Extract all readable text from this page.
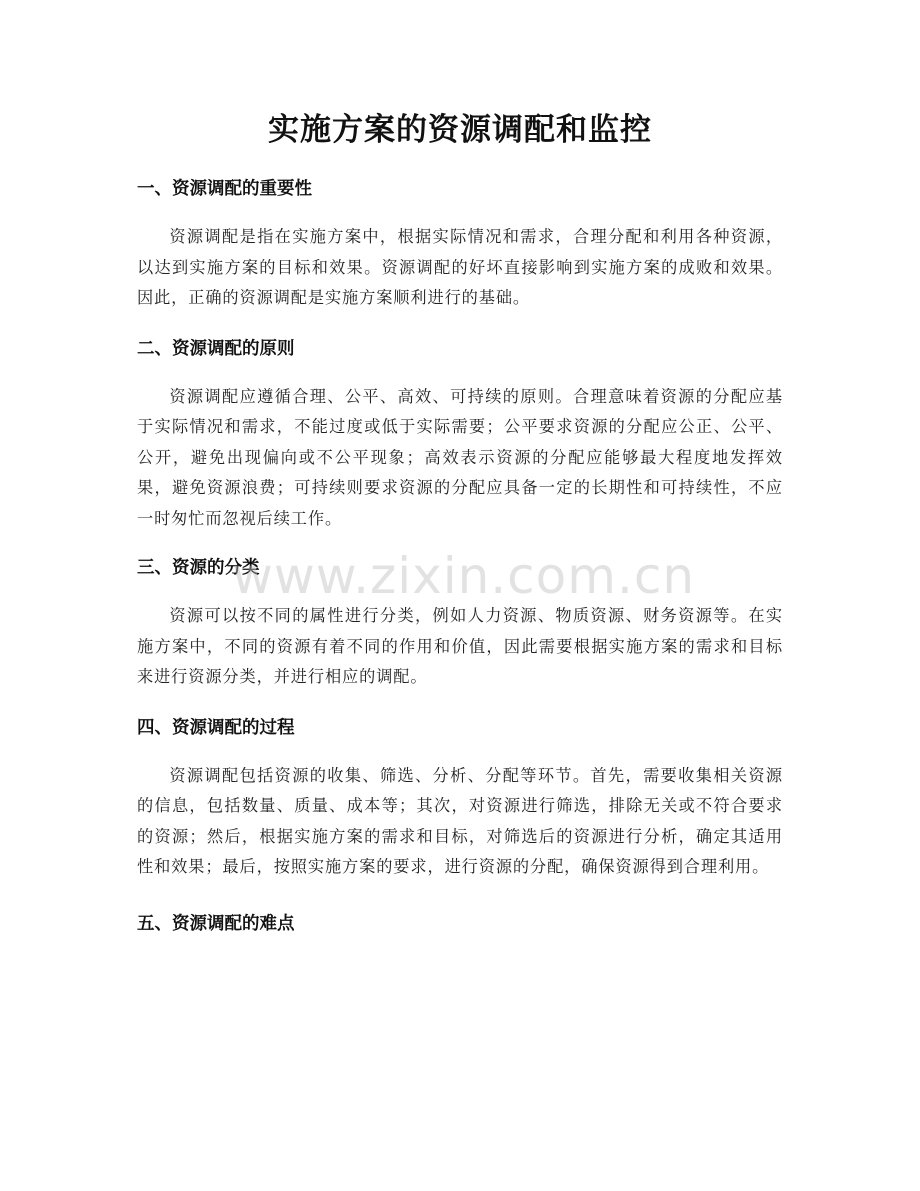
实施方案的资源调配和监控
一、资源调配的重要性

资源调配是指在实施方案中，根据实际情况和需求，合理分配和利用各种资源，以达到实施方案的目标和效果。资源调配的好坏直接影响到实施方案的成败和效果。因此，正确的资源调配是实施方案顺利进行的基础。

二、资源调配的原则

资源调配应遵循合理、公平、高效、可持续的原则。合理意味着资源的分配应基于实际情况和需求，不能过度或低于实际需要；公平要求资源的分配应公正、公平、公开，避免出现偏向或不公平现象；高效表示资源的分配应能够最大程度地发挥效果，避免资源浪费；可持续则要求资源的分配应具备一定的长期性和可持续性，不应一时匆忙而忽视后续工作。

三、资源的分类

资源可以按不同的属性进行分类，例如人力资源、物质资源、财务资源等。在实施方案中，不同的资源有着不同的作用和价值，因此需要根据实施方案的需求和目标来进行资源分类，并进行相应的调配。

四、资源调配的过程

资源调配包括资源的收集、筛选、分析、分配等环节。首先，需要收集相关资源的信息，包括数量、质量、成本等；其次，对资源进行筛选，排除无关或不符合要求的资源；然后，根据实施方案的需求和目标，对筛选后的资源进行分析，确定其适用性和效果；最后，按照实施方案的要求，进行资源的分配，确保资源得到合理利用。

五、资源调配的难点
www.zixin.com.cn
